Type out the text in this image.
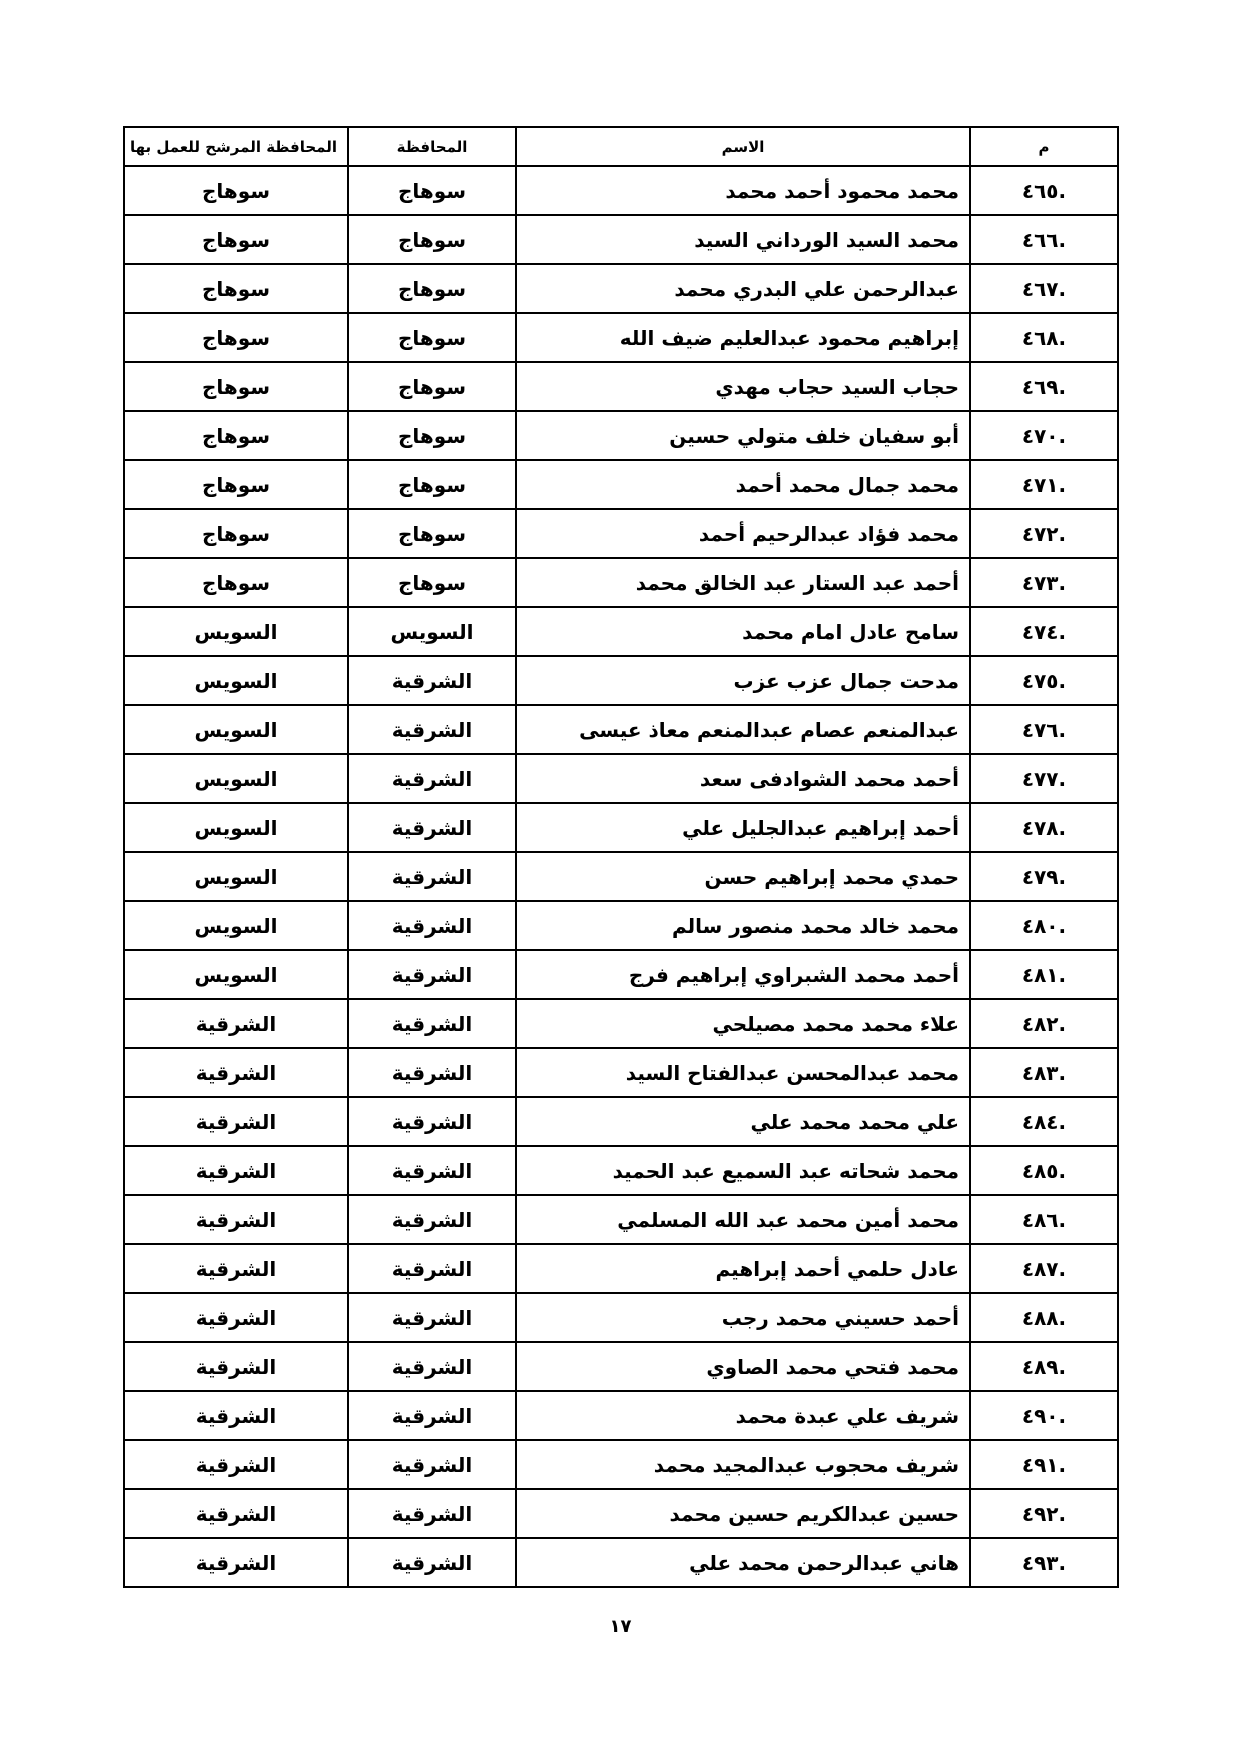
م	الاسم	المحافظة	المحافظة المرشح للعمل بها
.٤٦٥	محمد محمود أحمد محمد	سوهاج	سوهاج
.٤٦٦	محمد السيد الورداني السيد	سوهاج	سوهاج
.٤٦٧	عبدالرحمن علي البدري محمد	سوهاج	سوهاج
.٤٦٨	إبراهيم محمود عبدالعليم ضيف الله	سوهاج	سوهاج
.٤٦٩	حجاب السيد حجاب مهدي	سوهاج	سوهاج
.٤٧٠	أبو سفيان خلف متولي حسين	سوهاج	سوهاج
.٤٧١	محمد جمال محمد أحمد	سوهاج	سوهاج
.٤٧٢	محمد فؤاد عبدالرحيم أحمد	سوهاج	سوهاج
.٤٧٣	أحمد عبد الستار عبد الخالق محمد	سوهاج	سوهاج
.٤٧٤	سامح عادل امام محمد	السويس	السويس
.٤٧٥	مدحت جمال عزب عزب	الشرقية	السويس
.٤٧٦	عبدالمنعم عصام عبدالمنعم معاذ عيسى	الشرقية	السويس
.٤٧٧	أحمد محمد الشوادفى سعد	الشرقية	السويس
.٤٧٨	أحمد إبراهيم عبدالجليل علي	الشرقية	السويس
.٤٧٩	حمدي محمد إبراهيم حسن	الشرقية	السويس
.٤٨٠	محمد خالد محمد منصور سالم	الشرقية	السويس
.٤٨١	أحمد محمد الشبراوي إبراهيم فرج	الشرقية	السويس
.٤٨٢	علاء محمد محمد مصيلحي	الشرقية	الشرقية
.٤٨٣	محمد عبدالمحسن عبدالفتاح السيد	الشرقية	الشرقية
.٤٨٤	علي محمد محمد علي	الشرقية	الشرقية
.٤٨٥	محمد شحاته عبد السميع عبد الحميد	الشرقية	الشرقية
.٤٨٦	محمد أمين محمد عبد الله المسلمي	الشرقية	الشرقية
.٤٨٧	عادل حلمي أحمد إبراهيم	الشرقية	الشرقية
.٤٨٨	أحمد حسيني محمد رجب	الشرقية	الشرقية
.٤٨٩	محمد فتحي محمد الصاوي	الشرقية	الشرقية
.٤٩٠	شريف علي عبدة محمد	الشرقية	الشرقية
.٤٩١	شريف محجوب عبدالمجيد محمد	الشرقية	الشرقية
.٤٩٢	حسين عبدالكريم حسين محمد	الشرقية	الشرقية
.٤٩٣	هاني عبدالرحمن محمد علي	الشرقية	الشرقية
١٧
